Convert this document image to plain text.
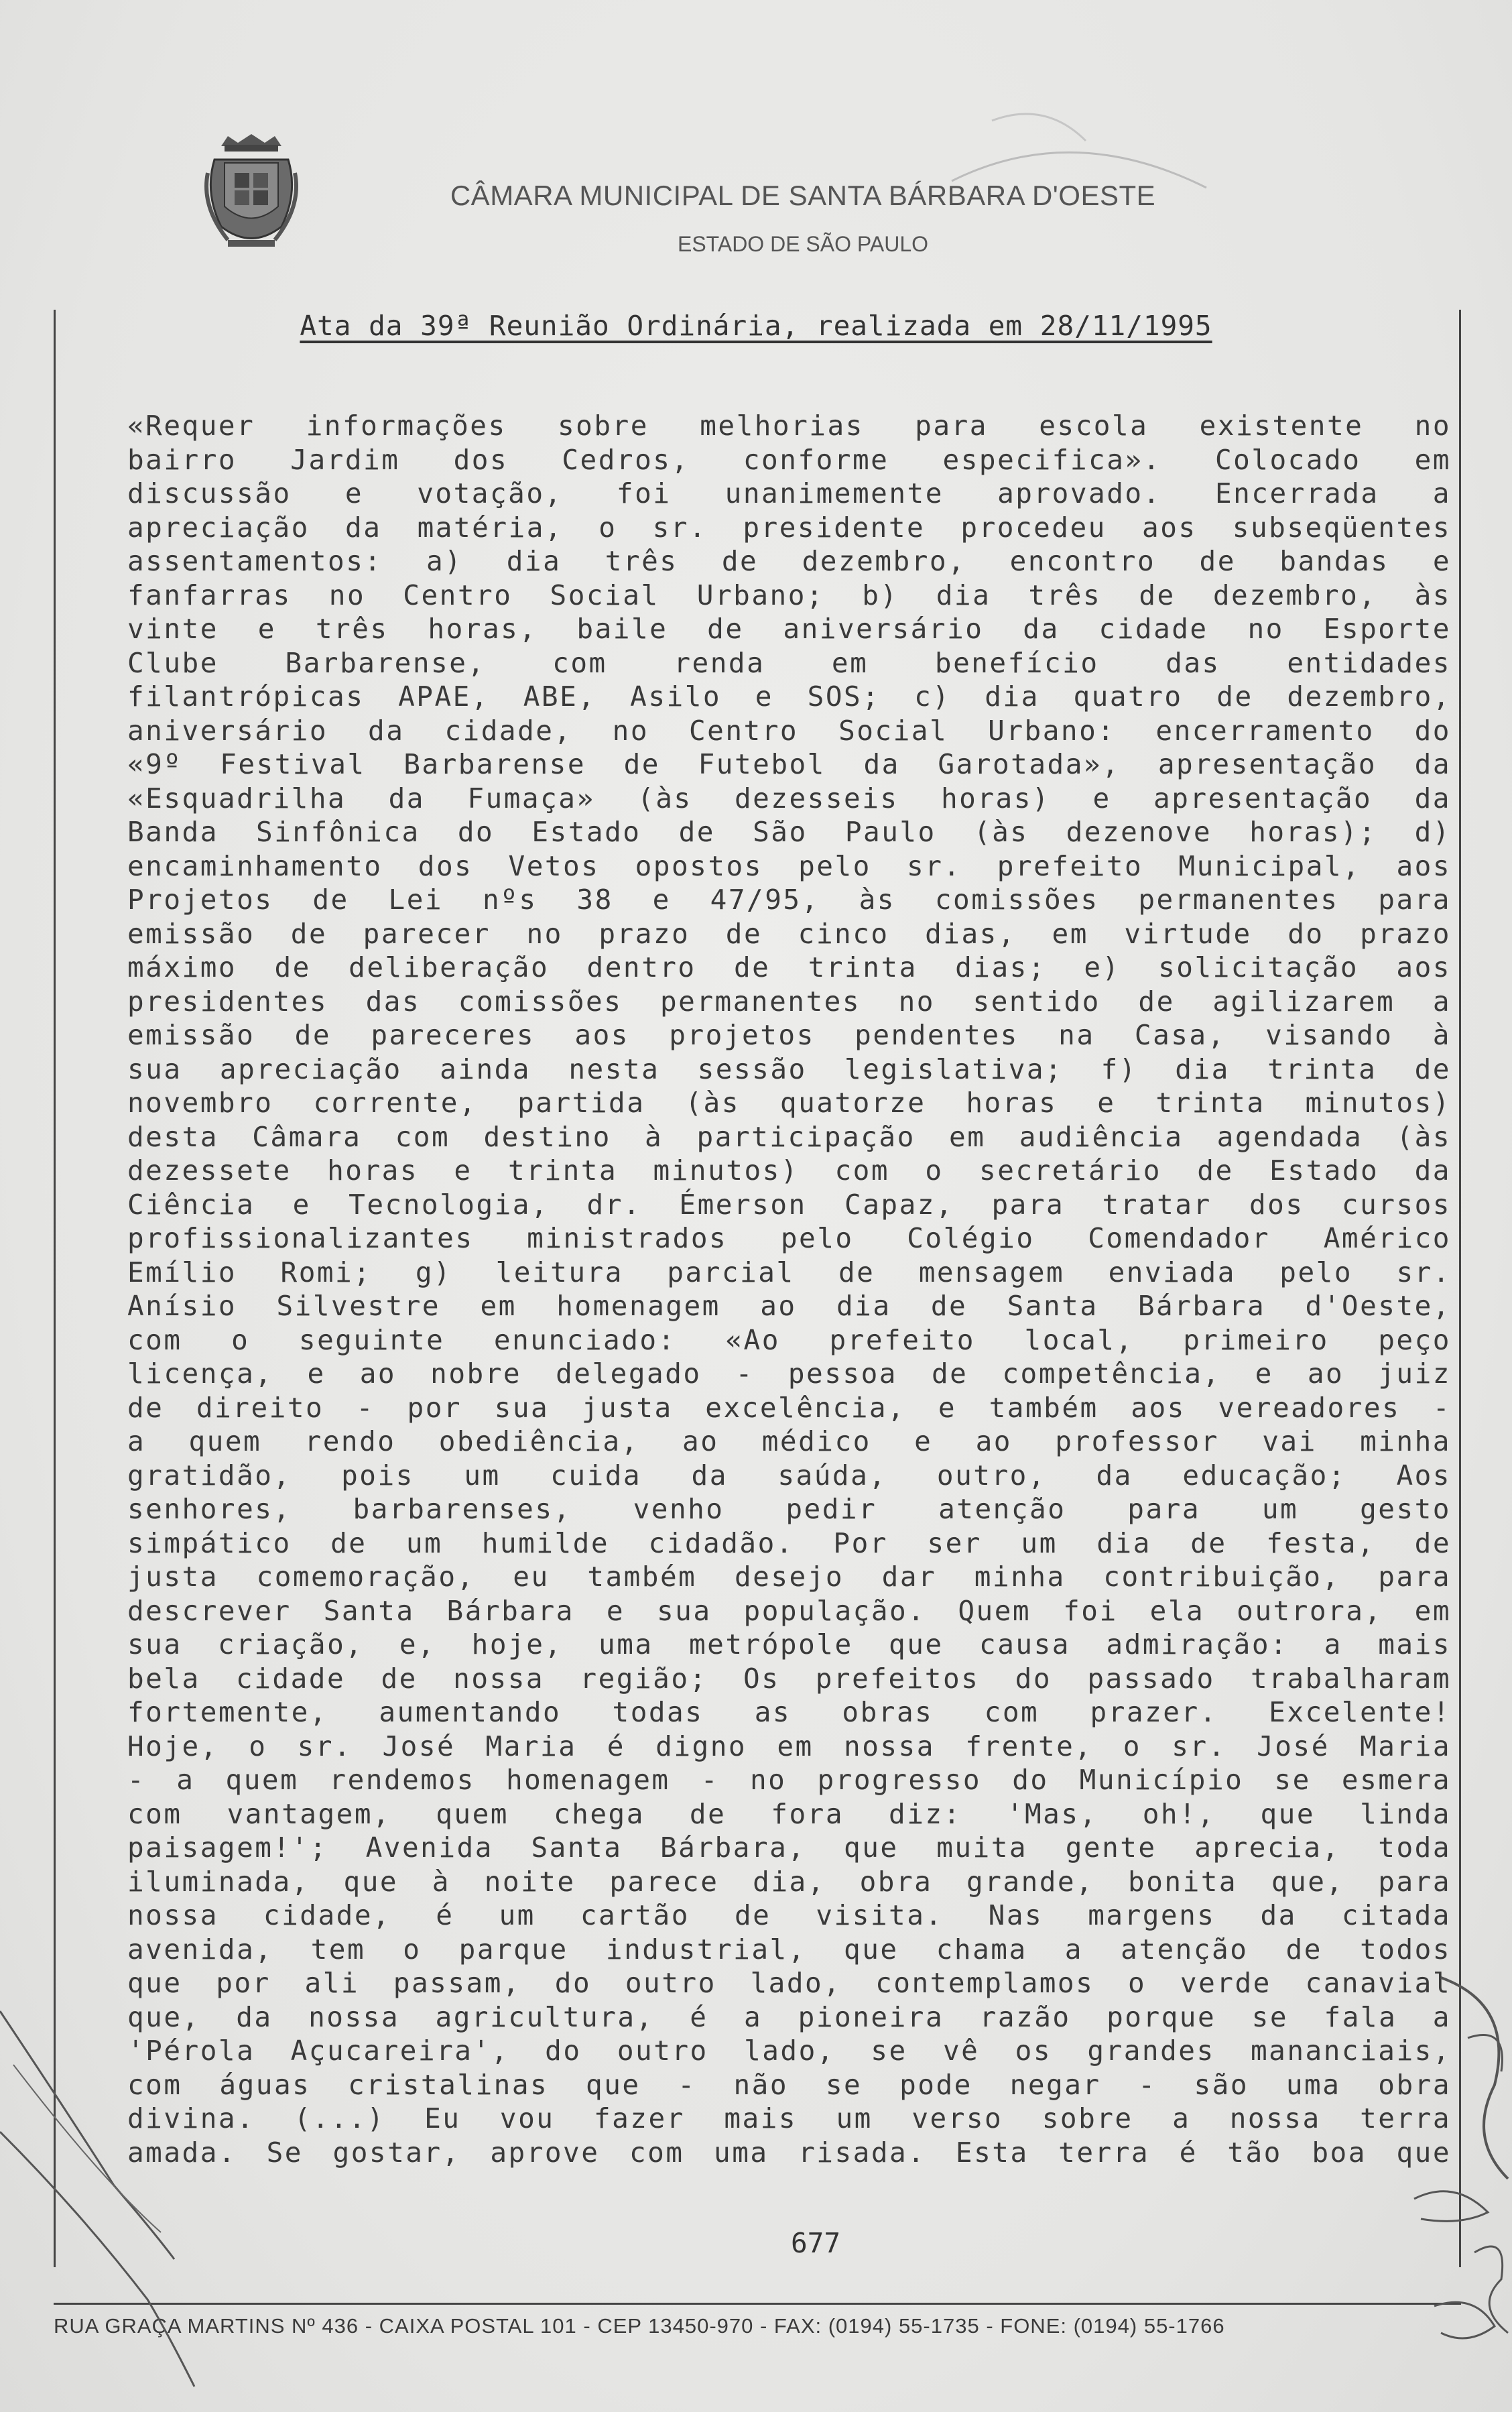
CÂMARA MUNICIPAL DE SANTA BÁRBARA D'OESTE
ESTADO DE SÃO PAULO
Ata da 39ª Reunião Ordinária, realizada em 28/11/1995
«Requer informações sobre melhorias para escola existente no
bairro Jardim dos Cedros, conforme especifica». Colocado em
discussão e votação, foi unanimemente aprovado. Encerrada a
apreciação da matéria, o sr. presidente procedeu aos subseqüentes
assentamentos: a) dia três de dezembro, encontro de bandas e
fanfarras no Centro Social Urbano; b) dia três de dezembro, às
vinte e três horas, baile de aniversário da cidade no Esporte
Clube Barbarense, com renda em benefício das entidades
filantrópicas APAE, ABE, Asilo e SOS; c) dia quatro de dezembro,
aniversário da cidade, no Centro Social Urbano: encerramento do
«9º Festival Barbarense de Futebol da Garotada», apresentação da
«Esquadrilha da Fumaça» (às dezesseis horas) e apresentação da
Banda Sinfônica do Estado de São Paulo (às dezenove horas); d)
encaminhamento dos Vetos opostos pelo sr. prefeito Municipal, aos
Projetos de Lei nºs 38 e 47/95, às comissões permanentes para
emissão de parecer no prazo de cinco dias, em virtude do prazo
máximo de deliberação dentro de trinta dias; e) solicitação aos
presidentes das comissões permanentes no sentido de agilizarem a
emissão de pareceres aos projetos pendentes na Casa, visando à
sua apreciação ainda nesta sessão legislativa; f) dia trinta de
novembro corrente, partida (às quatorze horas e trinta minutos)
desta Câmara com destino à participação em audiência agendada (às
dezessete horas e trinta minutos) com o secretário de Estado da
Ciência e Tecnologia, dr. Émerson Capaz, para tratar dos cursos
profissionalizantes ministrados pelo Colégio Comendador Américo
Emílio Romi; g) leitura parcial de mensagem enviada pelo sr.
Anísio Silvestre em homenagem ao dia de Santa Bárbara d'Oeste,
com o seguinte enunciado: «Ao prefeito local, primeiro peço
licença, e ao nobre delegado - pessoa de competência, e ao juiz
de direito - por sua justa excelência, e também aos vereadores -
a quem rendo obediência, ao médico e ao professor vai minha
gratidão, pois um cuida da saúda, outro, da educação; Aos
senhores, barbarenses, venho pedir atenção para um gesto
simpático de um humilde cidadão. Por ser um dia de festa, de
justa comemoração, eu também desejo dar minha contribuição, para
descrever Santa Bárbara e sua população. Quem foi ela outrora, em
sua criação, e, hoje, uma metrópole que causa admiração: a mais
bela cidade de nossa região; Os prefeitos do passado trabalharam
fortemente, aumentando todas as obras com prazer. Excelente!
Hoje, o sr. José Maria é digno em nossa frente, o sr. José Maria
- a quem rendemos homenagem - no progresso do Município se esmera
com vantagem, quem chega de fora diz: 'Mas, oh!, que linda
paisagem!'; Avenida Santa Bárbara, que muita gente aprecia, toda
iluminada, que à noite parece dia, obra grande, bonita que, para
nossa cidade, é um cartão de visita. Nas margens da citada
avenida, tem o parque industrial, que chama a atenção de todos
que por ali passam, do outro lado, contemplamos o verde canavial
que, da nossa agricultura, é a pioneira razão porque se fala a
'Pérola Açucareira', do outro lado, se vê os grandes mananciais,
com águas cristalinas que - não se pode negar - são uma obra
divina. (...) Eu vou fazer mais um verso sobre a nossa terra
amada. Se gostar, aprove com uma risada. Esta terra é tão boa que
677
RUA GRAÇA MARTINS Nº 436 - CAIXA POSTAL 101 - CEP 13450-970 - FAX: (0194) 55-1735 - FONE: (0194) 55-1766
